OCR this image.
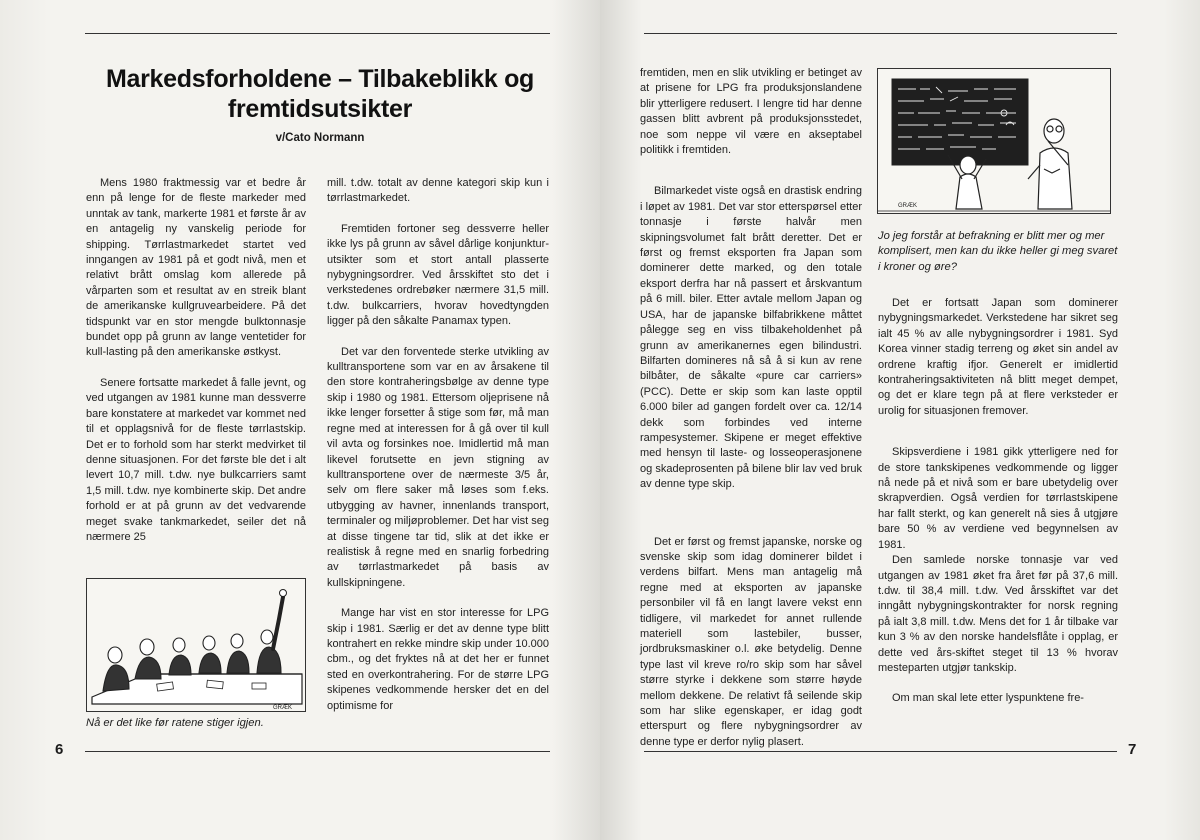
Markedsforholdene – Tilbakeblikk og fremtidsutsikter
v/Cato Normann

Mens 1980 fraktmessig var et bedre år enn på lenge for de fleste markeder med unntak av tank, markerte 1981 et første år av en antagelig ny vanskelig periode for shipping. Tørrlastmarkedet startet ved inngangen av 1981 på et godt nivå, men et relativt brått omslag kom allerede på vårparten som et resultat av en streik blant de amerikanske kullgruvearbeidere. På det tidspunkt var en stor mengde bulktonnasje bundet opp på grunn av lange ventetider for kull-lasting på den amerikanske østkyst.

Senere fortsatte markedet å falle jevnt, og ved utgangen av 1981 kunne man dessverre bare konstatere at markedet var kommet ned til et opplagsnivå for de fleste tørrlastskip. Det er to forhold som har sterkt medvirket til denne situasjonen. For det første ble det i alt levert 10,7 mill. t.dw. nye bulkcarriers samt 1,5 mill. t.dw. nye kombinerte skip. Det andre forhold er at på grunn av det vedvarende meget svake tankmarkedet, seiler det nå nærmere 25

mill. t.dw. totalt av denne kategori skip kun i tørrlastmarkedet.

Fremtiden fortoner seg dessverre heller ikke lys på grunn av såvel dårlige konjunktur-utsikter som et stort antall plasserte nybygningsordrer. Ved årsskiftet sto det i verkstedenes ordrebøker nærmere 31,5 mill. t.dw. bulkcarriers, hvorav hovedtyngden ligger på den såkalte Panamax typen.

Det var den forventede sterke utvikling av kulltransportene som var en av årsakene til den store kontraheringsbølge av denne type skip i 1980 og 1981. Ettersom oljeprisene nå ikke lenger forsetter å stige som før, må man regne med at interessen for å gå over til kull vil avta og forsinkes noe. Imidlertid må man likevel forutsette en jevn stigning av kulltransportene over de nærmeste 3/5 år, selv om flere saker må løses som f.eks. utbygging av havner, innenlands transport, terminaler og miljøproblemer. Det har vist seg at disse tingene tar tid, slik at det ikke er realistisk å regne med en snarlig forbedring av tørrlastmarkedet på basis av kullskipningene.

Mange har vist en stor interesse for LPG skip i 1981. Særlig er det av denne type blitt kontrahert en rekke mindre skip under 10.000 cbm., og det fryktes nå at det her er funnet sted en overkontrahering. For de større LPG skipenes vedkommende hersker det en del optimisme for

GRÆK
Nå er det like før ratene stiger igjen.
6

fremtiden, men en slik utvikling er betinget av at prisene for LPG fra produksjonslandene blir ytterligere redusert. I lengre tid har denne gassen blitt avbrent på produksjonsstedet, noe som neppe vil være en akseptabel politikk i fremtiden.

Bilmarkedet viste også en drastisk endring i løpet av 1981. Det var stor etterspørsel etter tonnasje i første halvår men skipningsvolumet falt brått deretter. Det er først og fremst eksporten fra Japan som dominerer dette marked, og den totale eksport derfra har nå passert et årskvantum på 6 mill. biler. Etter avtale mellom Japan og USA, har de japanske bilfabrikkene måttet pålegge seg en viss tilbakeholdenhet på grunn av amerikanernes egen bilindustri. Bilfarten domineres nå så å si kun av rene bilbåter, de såkalte «pure car carriers» (PCC). Dette er skip som kan laste opptil 6.000 biler ad gangen fordelt over ca. 12/14 dekk som forbindes ved interne rampesystemer. Skipene er meget effektive med hensyn til laste- og losseoperasjonene og skadeprosenten på bilene blir lav ved bruk av denne type skip.

Det er først og fremst japanske, norske og svenske skip som idag dominerer bildet i verdens bilfart. Mens man antagelig må regne med at eksporten av japanske personbiler vil få en langt lavere vekst enn tidligere, vil markedet for annet rullende materiell som lastebiler, busser, jordbruksmaskiner o.l. øke betydelig. Denne type last vil kreve ro/ro skip som har såvel større styrke i dekkene som større høyde mellom dekkene. De relativt få seilende skip som har slike egenskaper, er idag godt etterspurt og flere nybygningsordrer av denne type er derfor nylig plasert.

GRÆK
Jo jeg forstår at befrakning er blitt mer og mer komplisert, men kan du ikke heller gi meg svaret i kroner og øre?

Det er fortsatt Japan som dominerer nybygningsmarkedet. Verkstedene har sikret seg ialt 45 % av alle nybygningsordrer i 1981. Syd Korea vinner stadig terreng og øket sin andel av ordrene kraftig ifjor. Generelt er imidlertid kontraheringsaktiviteten nå blitt meget dempet, og det er klare tegn på at flere verksteder er urolig for situasjonen fremover.

Skipsverdiene i 1981 gikk ytterligere ned for de store tankskipenes vedkommende og ligger nå nede på et nivå som er bare ubetydelig over skrapverdien. Også verdien for tørrlastskipene har fallt sterkt, og kan generelt nå sies å utgjøre bare 50 % av verdiene ved begynnelsen av 1981.

Den samlede norske tonnasje var ved utgangen av 1981 øket fra året før på 37,6 mill. t.dw. til 38,4 mill. t.dw. Ved årsskiftet var det inngått nybygningskontrakter for norsk regning på ialt 3,8 mill. t.dw. Mens det for 1 år tilbake var kun 3 % av den norske handelsflåte i opplag, er dette ved års-skiftet steget til 13 % hvorav mesteparten utgjør tankskip.

Om man skal lete etter lyspunktene fre-

7
